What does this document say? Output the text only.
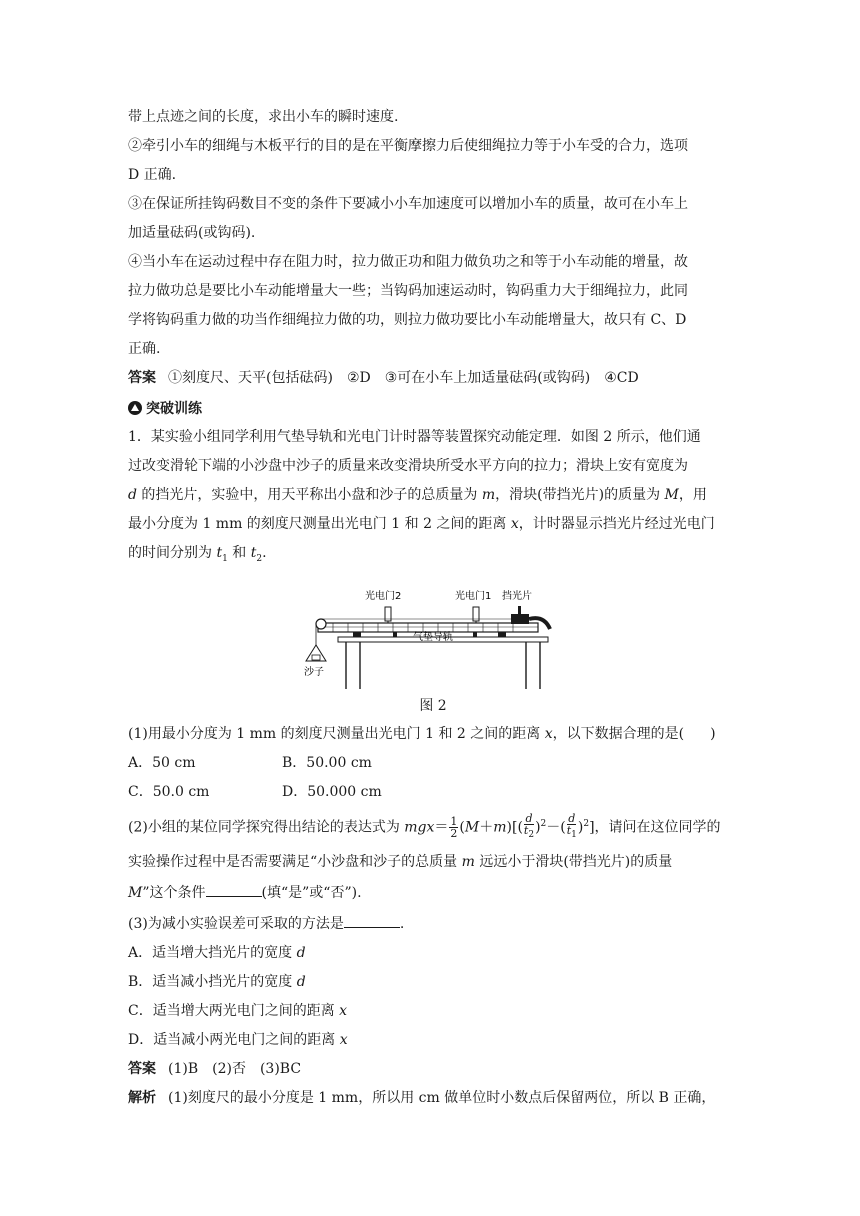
带上点迹之间的长度，求出小车的瞬时速度.
②牵引小车的细绳与木板平行的目的是在平衡摩擦力后使细绳拉力等于小车受的合力，选项
D 正确.
③在保证所挂钩码数目不变的条件下要减小小车加速度可以增加小车的质量，故可在小车上
加适量砝码(或钩码).
④当小车在运动过程中存在阻力时，拉力做正功和阻力做负功之和等于小车动能的增量，故
拉力做功总是要比小车动能增量大一些；当钩码加速运动时，钩码重力大于细绳拉力，此同
学将钩码重力做的功当作细绳拉力做的功，则拉力做功要比小车动能增量大，故只有 C、D
正确.
答案 ①刻度尺、天平(包括砝码) ②D ③可在小车上加适量砝码(或钩码) ④CD
突破训练
1．某实验小组同学利用气垫导轨和光电门计时器等装置探究动能定理．如图 2 所示，他们通
过改变滑轮下端的小沙盘中沙子的质量来改变滑块所受水平方向的拉力；滑块上安有宽度为
d 的挡光片，实验中，用天平称出小盘和沙子的总质量为 m，滑块(带挡光片)的质量为 M，用
最小分度为 1 mm 的刻度尺测量出光电门 1 和 2 之间的距离 x，计时器显示挡光片经过光电门
的时间分别为 $t_1$ 和 $t_2$.
光电门2	光电门1 挡光片
气垫导轨
沙子
图 2
(1)用最小分度为 1 mm 的刻度尺测量出光电门 1 和 2 之间的距离 x，以下数据合理的是( )
A．50 cm	B．50.00 cm
C．50.0 cm	D．50.000 cm
(2)小组的某位同学探究得出结论的表达式为 $mgx= \frac{1}{2} (M+m)[( \frac{d}{t_2} )^2-( \frac{d}{t_1} )^2]$，请问在这位同学的
实验操作过程中是否需要满足“小沙盘和沙子的总质量 m 远远小于滑块(带挡光片)的质量
M”这个条件	(填“是”或“否”).
(3)为减小实验误差可采取的方法是	.
A．适当增大挡光片的宽度 d
B．适当减小挡光片的宽度 d
C．适当增大两光电门之间的距离 x
D．适当减小两光电门之间的距离 x
答案 (1)B (2)否 (3)BC
解析 (1)刻度尺的最小分度是 1 mm，所以用 cm 做单位时小数点后保留两位，所以 B 正确，
